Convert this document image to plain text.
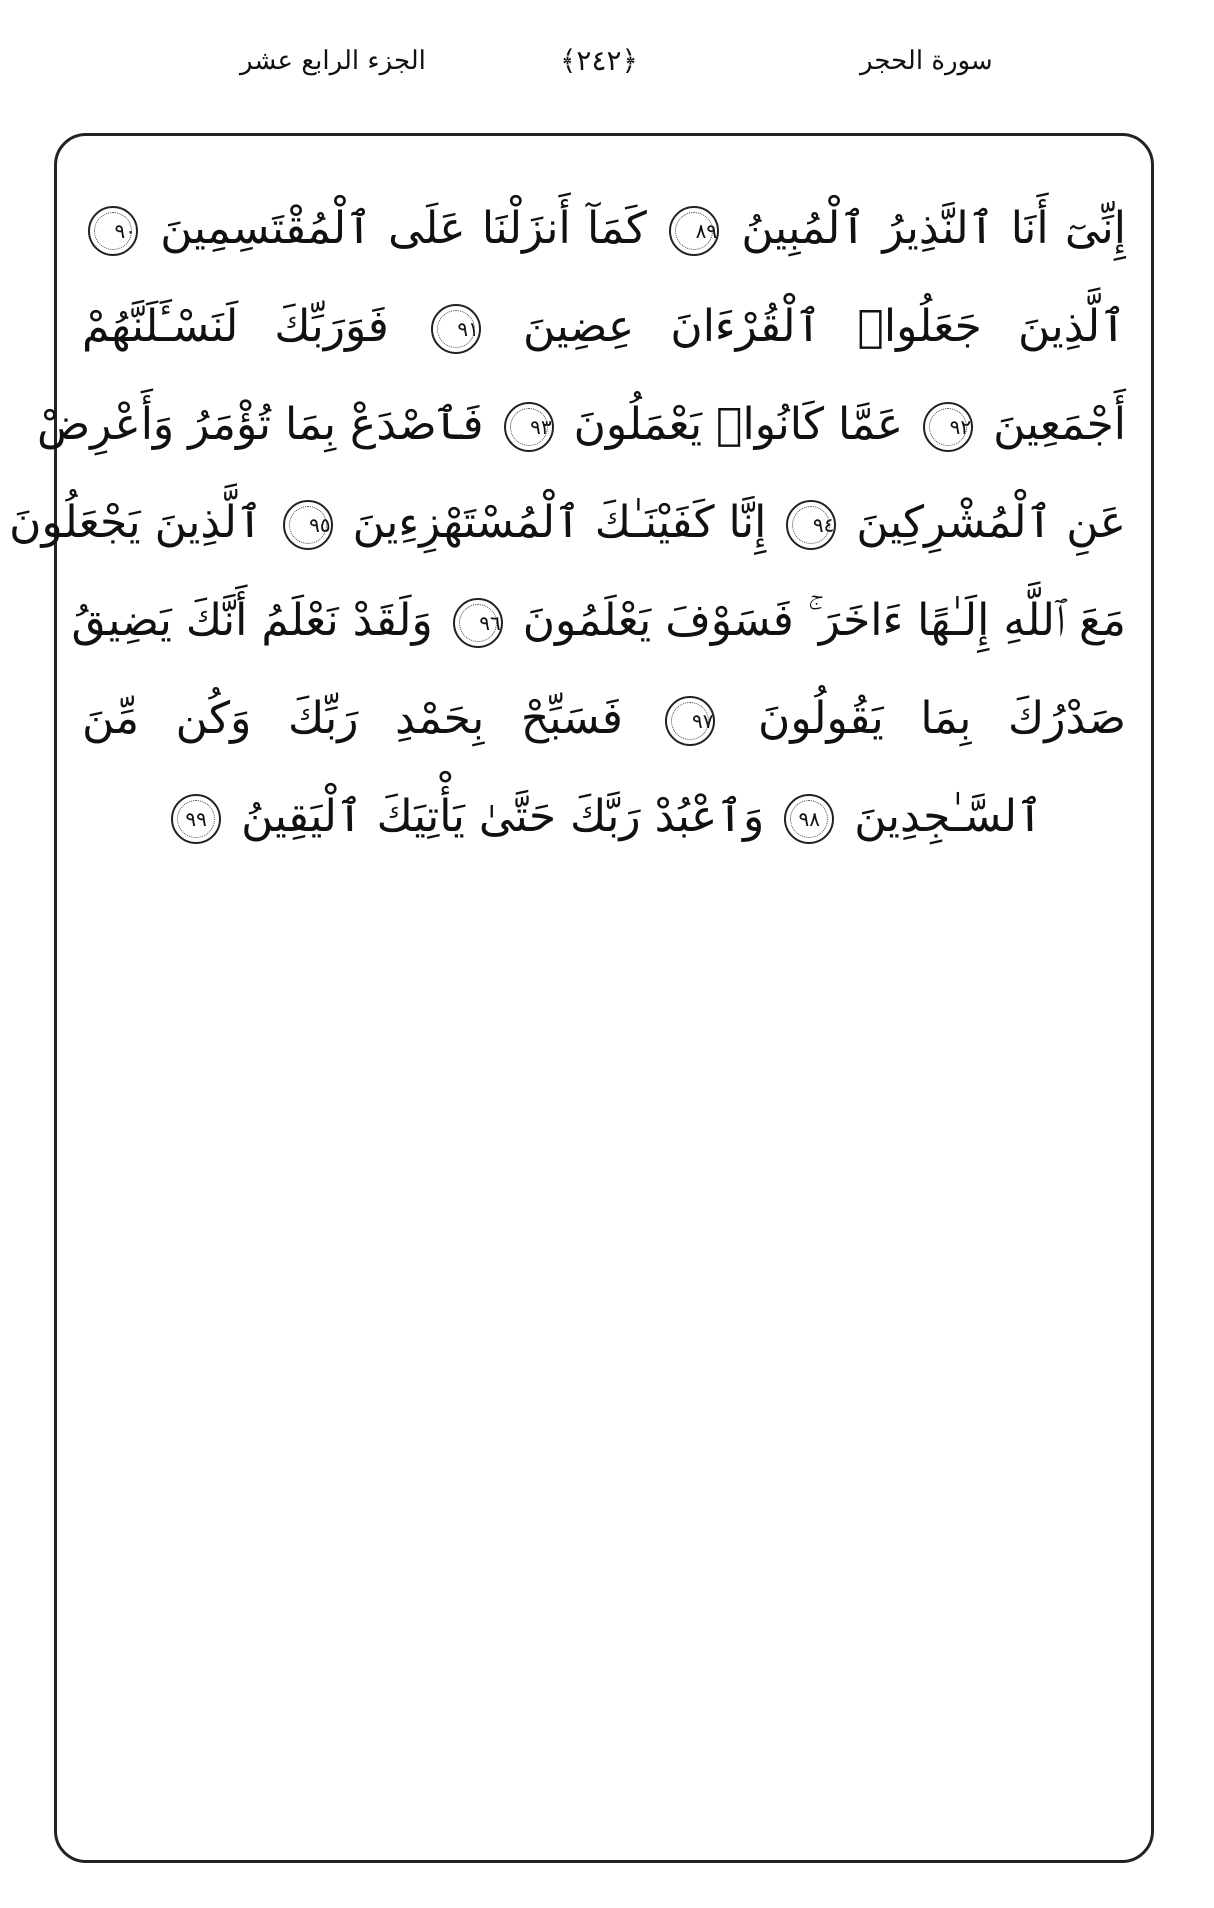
الجزء الرابع عشر	﴿٢٤٢﴾	سورة الحجر
إِنِّىٓ أَنَا ٱلنَّذِيرُ ٱلْمُبِينُ ٨٩ كَمَآ أَنزَلْنَا عَلَى ٱلْمُقْتَسِمِينَ ٩٠
ٱلَّذِينَ جَعَلُوا۟ ٱلْقُرْءَانَ عِضِينَ ٩١ فَوَرَبِّكَ لَنَسْـَٔلَنَّهُمْ
أَجْمَعِينَ ٩٢ عَمَّا كَانُوا۟ يَعْمَلُونَ ٩٣ فَٱصْدَعْ بِمَا تُؤْمَرُ وَأَعْرِضْ
عَنِ ٱلْمُشْرِكِينَ ٩٤ إِنَّا كَفَيْنَـٰكَ ٱلْمُسْتَهْزِءِينَ ٩٥ ٱلَّذِينَ يَجْعَلُونَ
مَعَ ٱللَّهِ إِلَـٰهًا ءَاخَرَ ۚ فَسَوْفَ يَعْلَمُونَ ٩٦ وَلَقَدْ نَعْلَمُ أَنَّكَ يَضِيقُ
صَدْرُكَ بِمَا يَقُولُونَ ٩٧ فَسَبِّحْ بِحَمْدِ رَبِّكَ وَكُن مِّنَ
ٱلسَّـٰجِدِينَ ٩٨ وَٱعْبُدْ رَبَّكَ حَتَّىٰ يَأْتِيَكَ ٱلْيَقِينُ ٩٩
